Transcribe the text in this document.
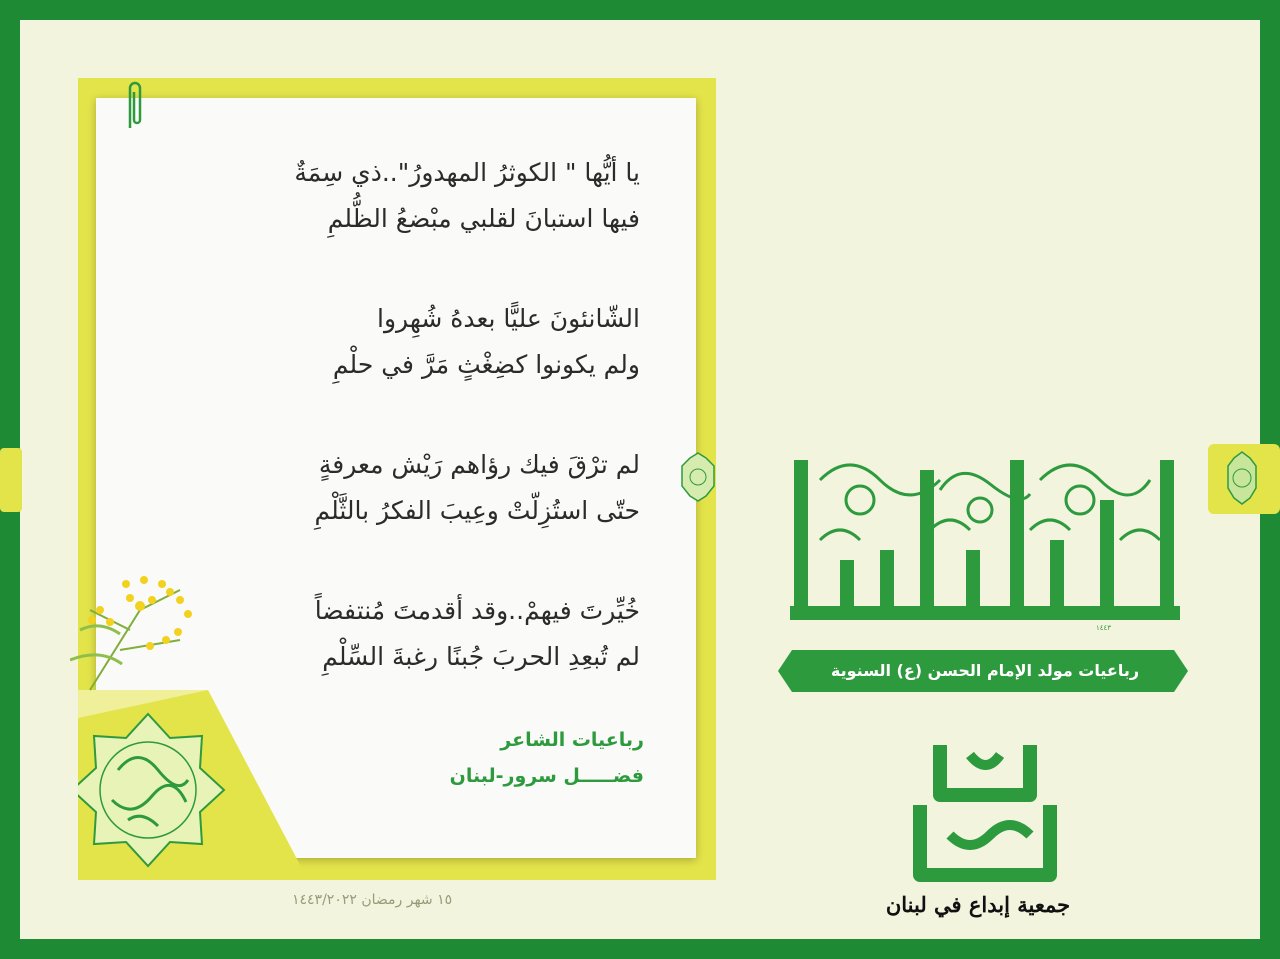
يا أيُّها " الكوثرُ المهدورُ"..ذي سِمَةٌ

فيها استبانَ لقلبي مبْضعُ الظُّلمِ

الشّانئونَ عليًّا بعدهُ شُهِروا

ولم يكونوا كضِغْثٍ مَرَّ في حلْمِ

لم ترْقَ فيك رؤاهم رَيْش معرفةٍ

حتّى استُزِلّتْ وعِيبَ الفكرُ بالثَّلْمِ

خُيِّرتَ فيهمْ..وقد أقدمتَ مُنتفضاً

لم تُبعِدِ الحربَ جُبنًا رغبةَ السِّلْمِ

رباعيات الشاعر

فضـــــل سرور-لبنان

١٥ شهر رمضان ١٤٤٣/٢٠٢٢
١٤٤٣
رباعيات مولد الإمام الحسن (ع) السنوية
جمعية إبداع في لبنان
